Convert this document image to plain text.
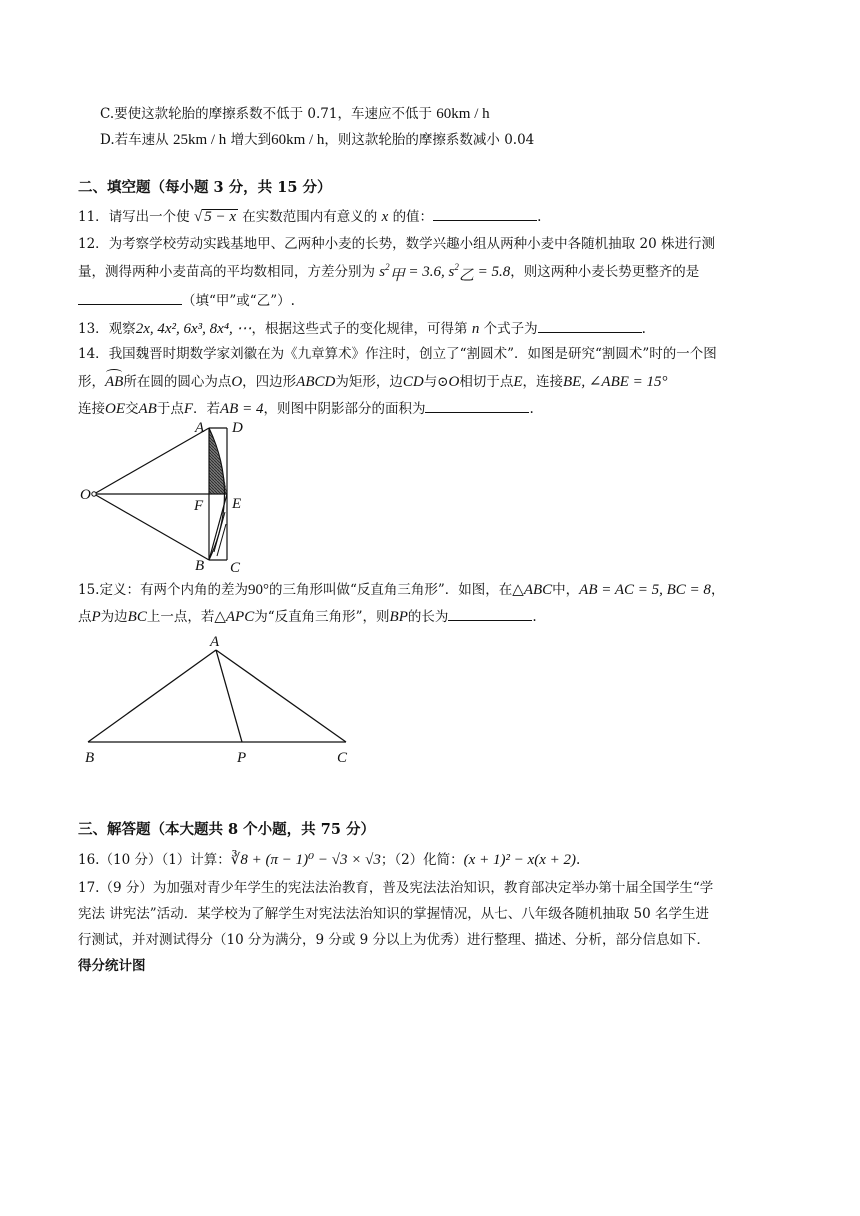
C.要使这款轮胎的摩擦系数不低于 0.71，车速应不低于 60km / h
D.若车速从 25km / h 增大到60km / h，则这款轮胎的摩擦系数减小 0.04
二、填空题（每小题 3 分，共 15 分）
11．请写出一个使 √ 5 − x 在实数范围内有意义的 x 的值：	.
12．为考察学校劳动实践基地甲、乙两种小麦的长势，数学兴趣小组从两种小麦中各随机抽取 20 株进行测
量，测得两种小麦苗高的平均数相同，方差分别为 $s^2_甲 = 3.6$, $s^2_乙 = 5.8$，则这两种小麦长势更整齐的是
（填“甲”或“乙”）.
13．观察2x, 4x², 6x³, 8x⁴, ⋯，根据这些式子的变化规律，可得第 n 个式子为	.
14．我国魏晋时期数学家刘徽在为《九章算术》作注时，创立了“割圆术”．如图是研究“割圆术”时的一个图
形，AB所在圆的圆心为点O，四边形ABCD为矩形，边CD与⊙O相切于点E，连接BE, ∠ABE = 15°
连接OE交AB于点F．若AB = 4，则图中阴影部分的面积为	.
A D
O
F E
B C
15.定义：有两个内角的差为90°的三角形叫做“反直角三角形”．如图，在△ABC中，AB = AC = 5, BC = 8，
点P为边BC上一点，若△APC为“反直角三角形”，则BP的长为	.
A
B	P	C
三、解答题（本大题共 8 个小题，共 75 分）
16.（10 分）（1）计算：∛8 + (π − 1)⁰ − √3 × √3；（2）化简：(x + 1)² − x(x + 2).
17.（9 分）为加强对青少年学生的宪法法治教育，普及宪法法治知识，教育部决定举办第十届全国学生“学
宪法 讲宪法”活动．某学校为了解学生对宪法法治知识的掌握情况，从七、八年级各随机抽取 50 名学生进
行测试，并对测试得分（10 分为满分，9 分或 9 分以上为优秀）进行整理、描述、分析，部分信息如下．
得分统计图
